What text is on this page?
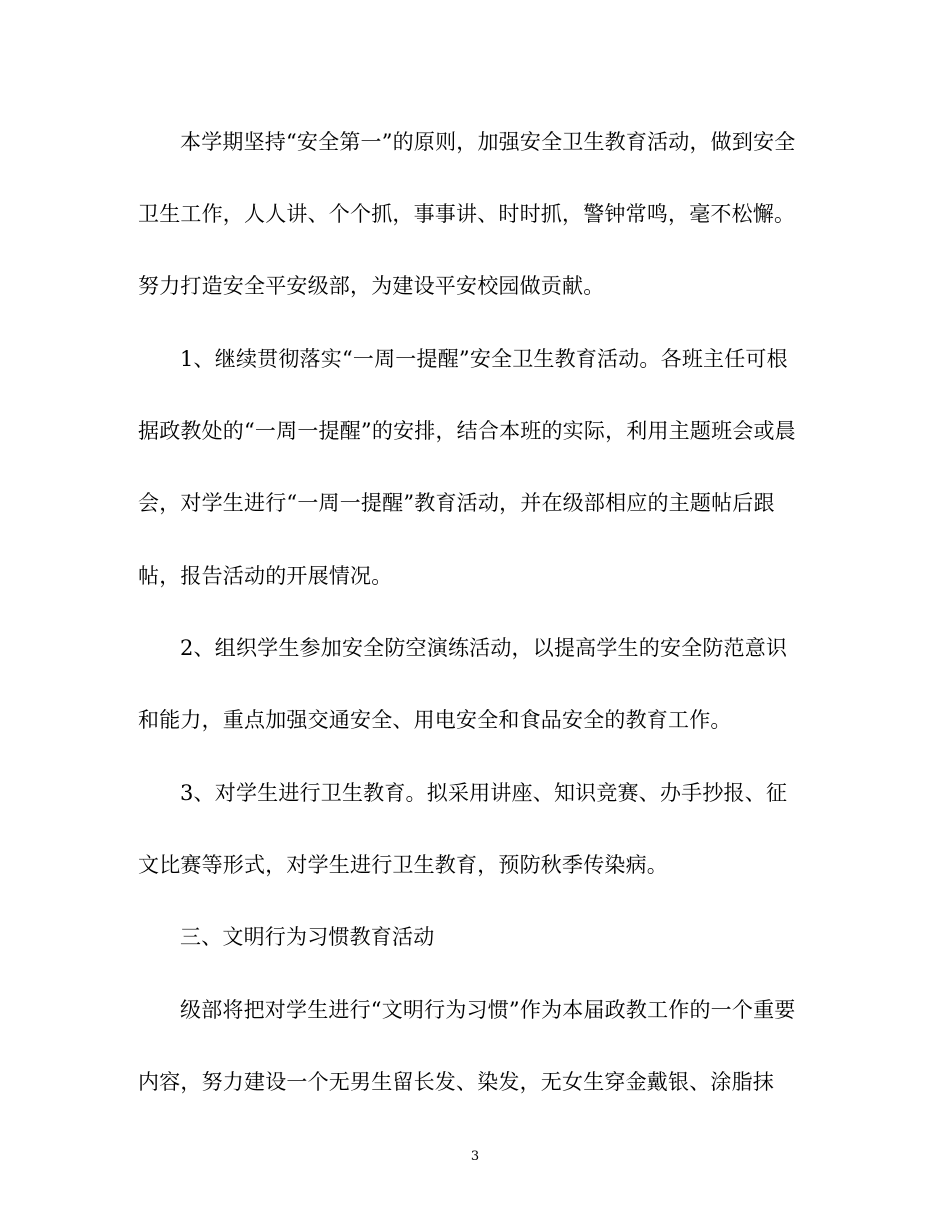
本学期坚持“安全第一”的原则，加强安全卫生教育活动，做到安全
卫生工作，人人讲、个个抓，事事讲、时时抓，警钟常鸣，毫不松懈。
努力打造安全平安级部，为建设平安校园做贡献。
1、继续贯彻落实“一周一提醒”安全卫生教育活动。各班主任可根
据政教处的“一周一提醒”的安排，结合本班的实际，利用主题班会或晨
会，对学生进行“一周一提醒”教育活动，并在级部相应的主题帖后跟
帖，报告活动的开展情况。
2、组织学生参加安全防空演练活动，以提高学生的安全防范意识
和能力，重点加强交通安全、用电安全和食品安全的教育工作。
3、对学生进行卫生教育。拟采用讲座、知识竞赛、办手抄报、征
文比赛等形式，对学生进行卫生教育，预防秋季传染病。
三、文明行为习惯教育活动
级部将把对学生进行“文明行为习惯”作为本届政教工作的一个重要
内容，努力建设一个无男生留长发、染发，无女生穿金戴银、涂脂抹
3
